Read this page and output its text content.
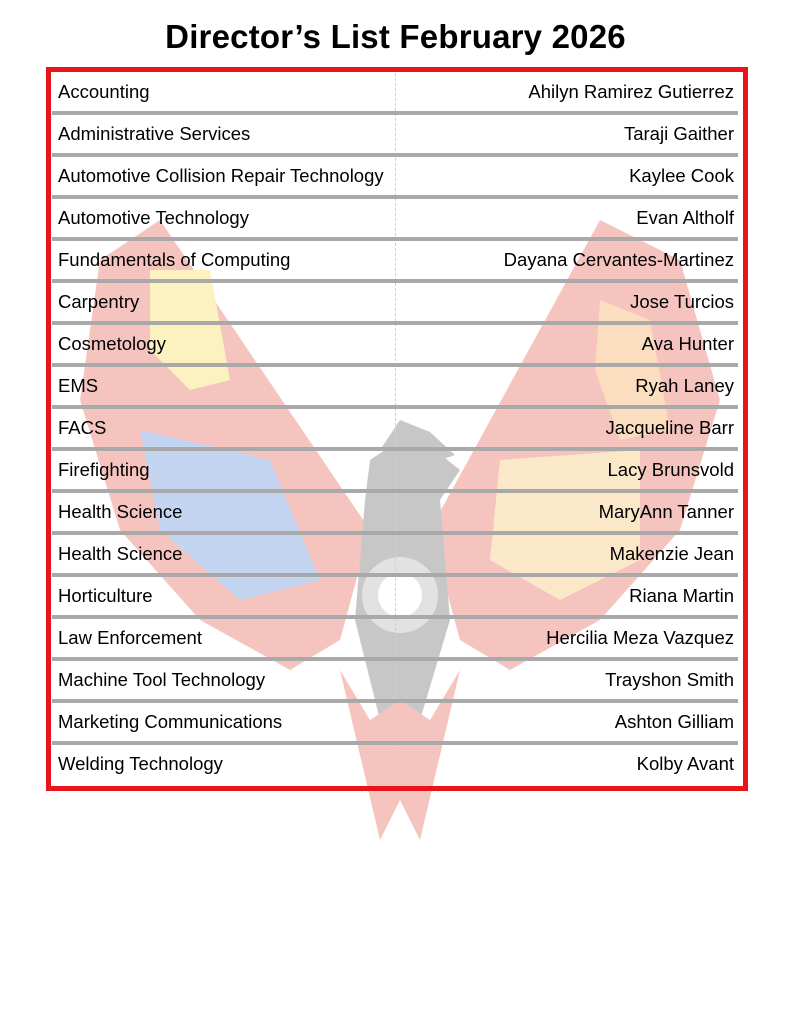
Director’s List February 2026
Accounting	Ahilyn Ramirez Gutierrez
Administrative Services	Taraji Gaither
Automotive Collision Repair Technology	Kaylee Cook
Automotive Technology	Evan Altholf
Fundamentals of Computing	Dayana Cervantes-Martinez
Carpentry	Jose Turcios
Cosmetology	Ava Hunter
EMS	Ryah Laney
FACS	Jacqueline Barr
Firefighting	Lacy Brunsvold
Health Science	MaryAnn Tanner
Health Science	Makenzie Jean
Horticulture	Riana Martin
Law Enforcement	Hercilia Meza Vazquez
Machine Tool Technology	Trayshon Smith
Marketing Communications	Ashton Gilliam
Welding Technology	Kolby Avant
